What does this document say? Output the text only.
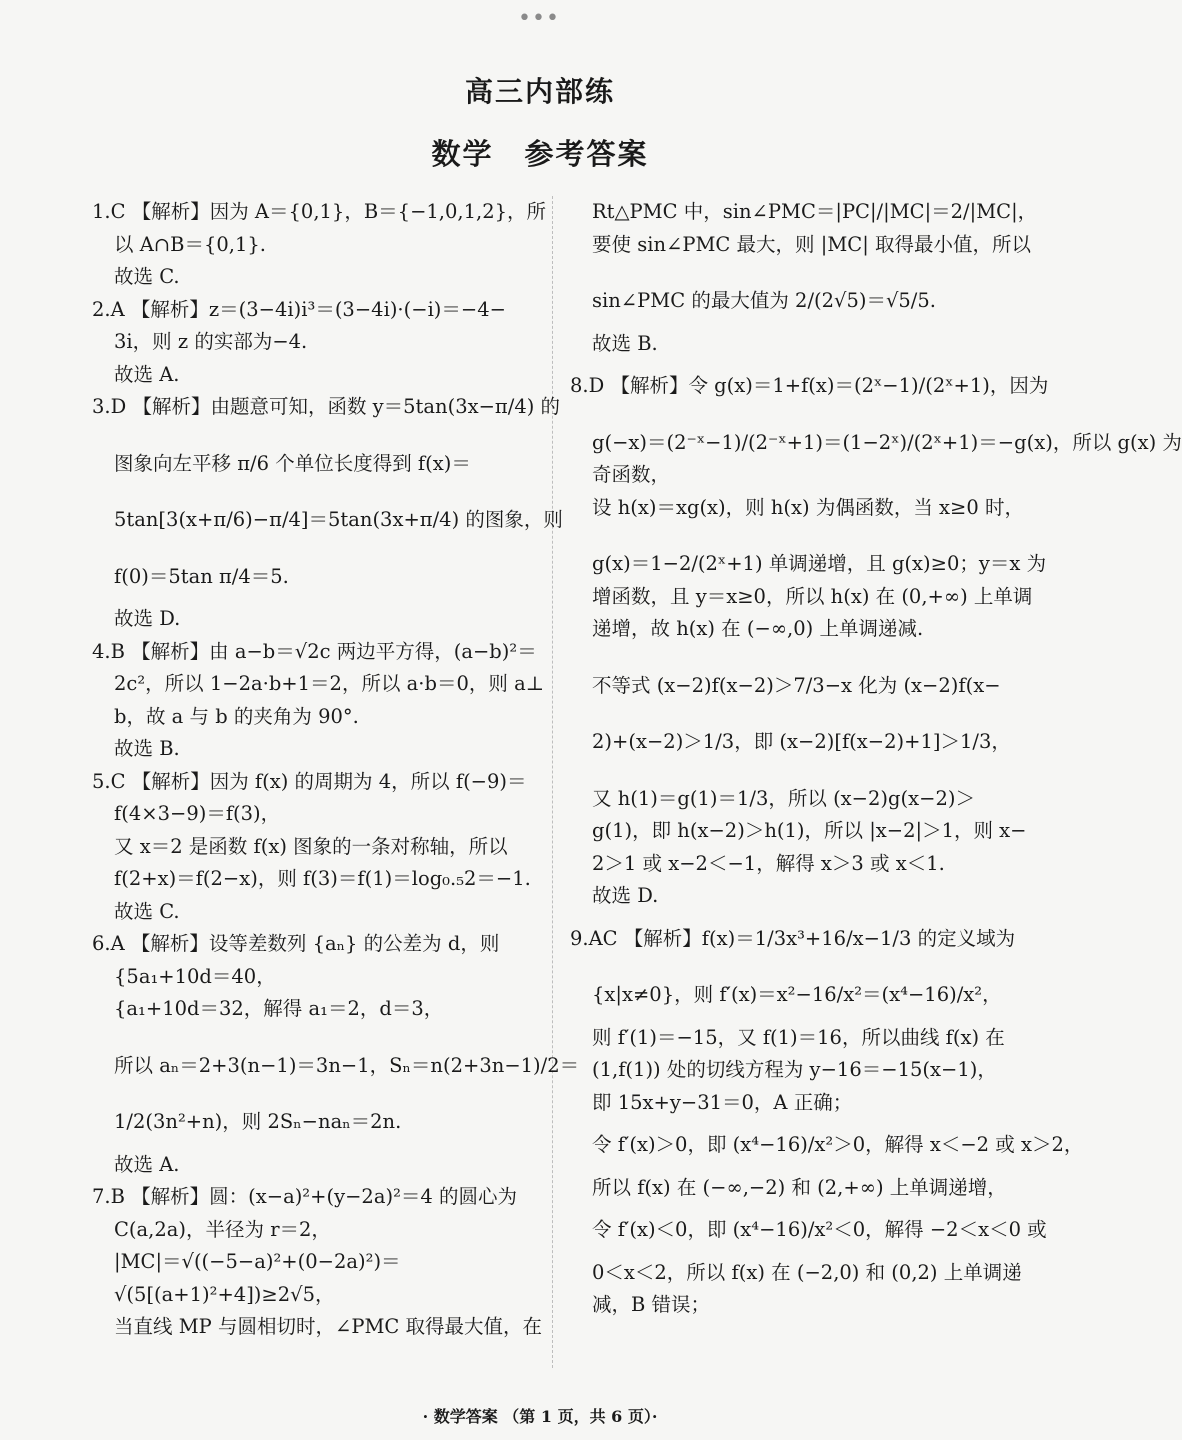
•••
高三内部练
数学　参考答案
1.C 【解析】因为 A＝{0,1}，B＝{−1,0,1,2}，所
以 A∩B＝{0,1}.
故选 C.
2.A 【解析】z＝(3−4i)i³＝(3−4i)·(−i)＝−4−
3i，则 z 的实部为−4.
故选 A.
3.D 【解析】由题意可知，函数 y＝5tan(3x−π/4) 的
图象向左平移 π/6 个单位长度得到 f(x)＝
5tan[3(x+π/6)−π/4]＝5tan(3x+π/4) 的图象，则
f(0)＝5tan π/4＝5.
故选 D.
4.B 【解析】由 a−b＝√2c 两边平方得，(a−b)²＝
2c²，所以 1−2a·b+1＝2，所以 a·b＝0，则 a⊥
b，故 a 与 b 的夹角为 90°.
故选 B.
5.C 【解析】因为 f(x) 的周期为 4，所以 f(−9)＝
f(4×3−9)＝f(3)，
又 x＝2 是函数 f(x) 图象的一条对称轴，所以
f(2+x)＝f(2−x)，则 f(3)＝f(1)＝log₀.₅2＝−1.
故选 C.
6.A 【解析】设等差数列 {aₙ} 的公差为 d，则
{5a₁+10d＝40，
{a₁+10d＝32，解得 a₁＝2，d＝3，
所以 aₙ＝2+3(n−1)＝3n−1，Sₙ＝n(2+3n−1)/2＝
1/2(3n²+n)，则 2Sₙ−naₙ＝2n.
故选 A.
7.B 【解析】圆：(x−a)²+(y−2a)²＝4 的圆心为
C(a,2a)，半径为 r＝2，
|MC|＝√((−5−a)²+(0−2a)²)＝
√(5[(a+1)²+4])≥2√5，
当直线 MP 与圆相切时，∠PMC 取得最大值，在
Rt△PMC 中，sin∠PMC＝|PC|/|MC|＝2/|MC|，
要使 sin∠PMC 最大，则 |MC| 取得最小值，所以
sin∠PMC 的最大值为 2/(2√5)＝√5/5.
故选 B.
8.D 【解析】令 g(x)＝1+f(x)＝(2ˣ−1)/(2ˣ+1)，因为
g(−x)＝(2⁻ˣ−1)/(2⁻ˣ+1)＝(1−2ˣ)/(2ˣ+1)＝−g(x)，所以 g(x) 为
奇函数，
设 h(x)＝xg(x)，则 h(x) 为偶函数，当 x≥0 时，
g(x)＝1−2/(2ˣ+1) 单调递增，且 g(x)≥0；y＝x 为
增函数，且 y＝x≥0，所以 h(x) 在 (0,+∞) 上单调
递增，故 h(x) 在 (−∞,0) 上单调递减.
不等式 (x−2)f(x−2)＞7/3−x 化为 (x−2)f(x−
2)+(x−2)＞1/3，即 (x−2)[f(x−2)+1]＞1/3，
又 h(1)＝g(1)＝1/3，所以 (x−2)g(x−2)＞
g(1)，即 h(x−2)＞h(1)，所以 |x−2|＞1，则 x−
2＞1 或 x−2＜−1，解得 x＞3 或 x＜1.
故选 D.
9.AC 【解析】f(x)＝1/3x³+16/x−1/3 的定义域为
{x|x≠0}，则 f′(x)＝x²−16/x²＝(x⁴−16)/x²，
则 f′(1)＝−15，又 f(1)＝16，所以曲线 f(x) 在
(1,f(1)) 处的切线方程为 y−16＝−15(x−1)，
即 15x+y−31＝0，A 正确；
令 f′(x)＞0，即 (x⁴−16)/x²＞0，解得 x＜−2 或 x＞2，
所以 f(x) 在 (−∞,−2) 和 (2,+∞) 上单调递增，
令 f′(x)＜0，即 (x⁴−16)/x²＜0，解得 −2＜x＜0 或
0＜x＜2，所以 f(x) 在 (−2,0) 和 (0,2) 上单调递
减，B 错误；
· 数学答案 （第 1 页，共 6 页）·
